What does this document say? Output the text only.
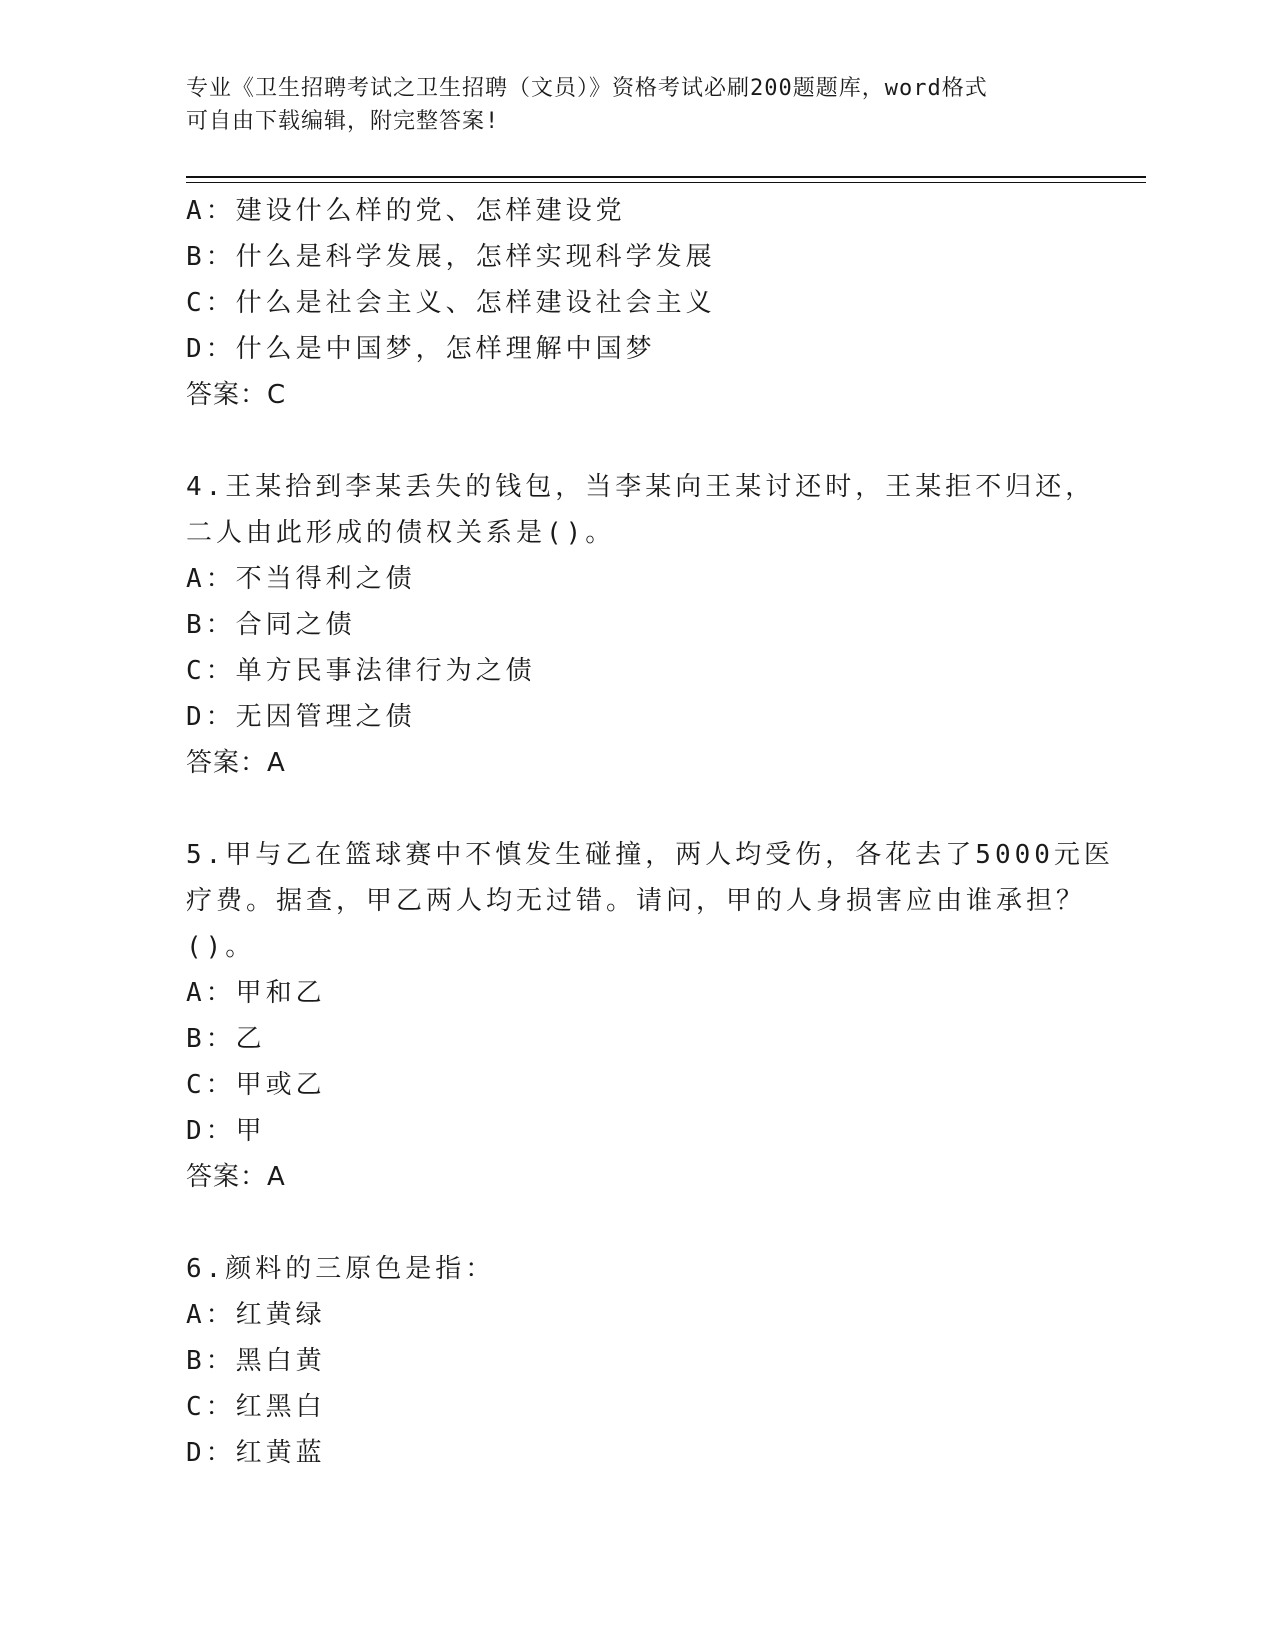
专业《卫生招聘考试之卫生招聘（文员）》资格考试必刷200题题库，word格式
可自由下载编辑，附完整答案!
A：建设什么样的党、怎样建设党
B：什么是科学发展，怎样实现科学发展
C：什么是社会主义、怎样建设社会主义
D：什么是中国梦，怎样理解中国梦
答案：C
4.王某拾到李某丢失的钱包，当李某向王某讨还时，王某拒不归还，
二人由此形成的债权关系是()。
A：不当得利之债
B：合同之债
C：单方民事法律行为之债
D：无因管理之债
答案：A
5.甲与乙在篮球赛中不慎发生碰撞，两人均受伤，各花去了5000元医
疗费。据查，甲乙两人均无过错。请问，甲的人身损害应由谁承担？
()。
A：甲和乙
B：乙
C：甲或乙
D：甲
答案：A
6.颜料的三原色是指：
A：红黄绿
B：黑白黄
C：红黑白
D：红黄蓝
